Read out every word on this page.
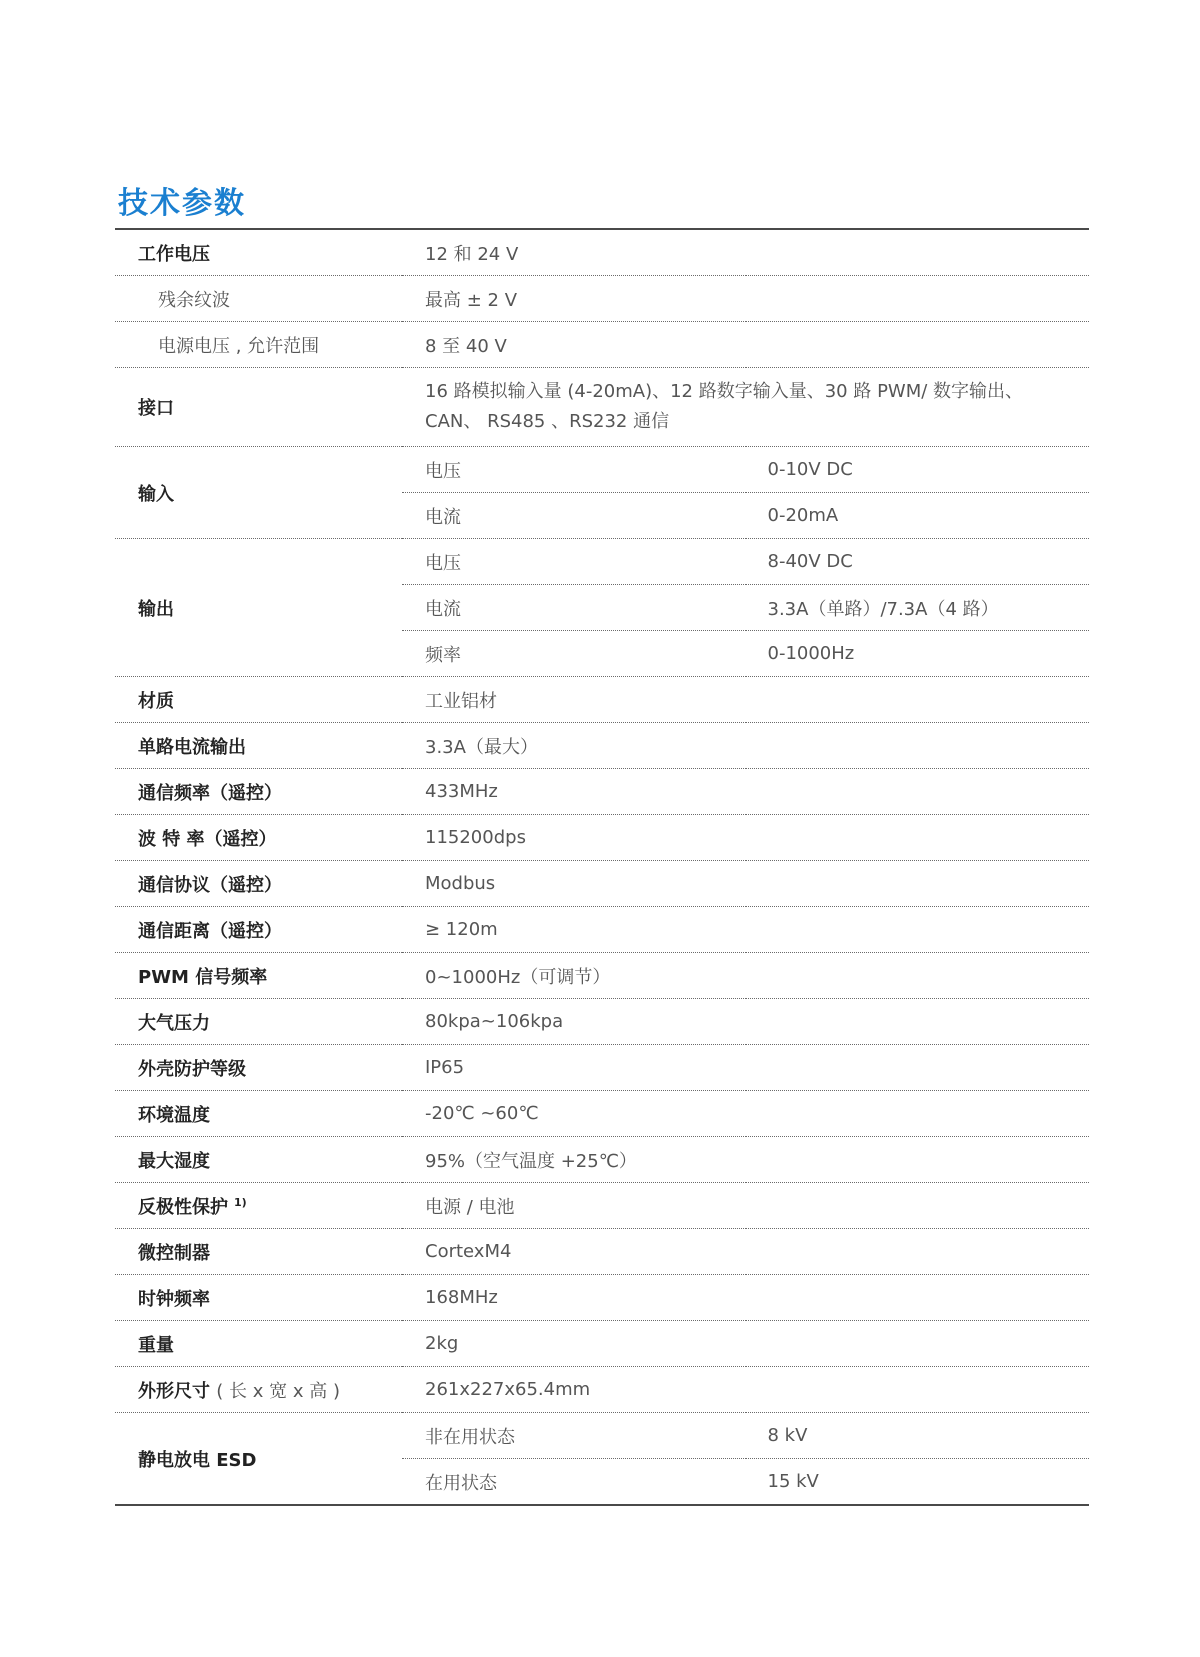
技术参数
工作电压	12 和 24 V	
残余纹波	最高 ± 2 V	
电源电压 , 允许范围	8 至 40 V	
接口	16 路模拟输入量 (4-20mA)、12 路数字输入量、30 路 PWM/ 数字输出、
CAN、 RS485 、RS232 通信	

输入	电压	0-10V DC
	电流	0-20mA
输出	电压	8-40V DC
	电流	3.3A（单路）/7.3A（4 路）
	频率	0-1000Hz
材质	工业铝材	
单路电流输出	3.3A（最大）	
通信频率（遥控）	433MHz	
波 特 率（遥控）	115200dps	
通信协议（遥控）	Modbus	
通信距离（遥控）	≥ 120m	
PWM 信号频率	0~1000Hz（可调节）	
大气压力	80kpa~106kpa	
外壳防护等级	IP65	
环境温度	-20℃ ~60℃	
最大湿度	95%（空气温度 +25℃）	
反极性保护 $^{1)}$	电源 / 电池	
微控制器	CortexM4	
时钟频率	168MHz	
重量	2kg	
外形尺寸 ( 长 x 宽 x 高 )	261x227x65.4mm	
静电放电 ESD	非在用状态	8 kV
	在用状态	15 kV
